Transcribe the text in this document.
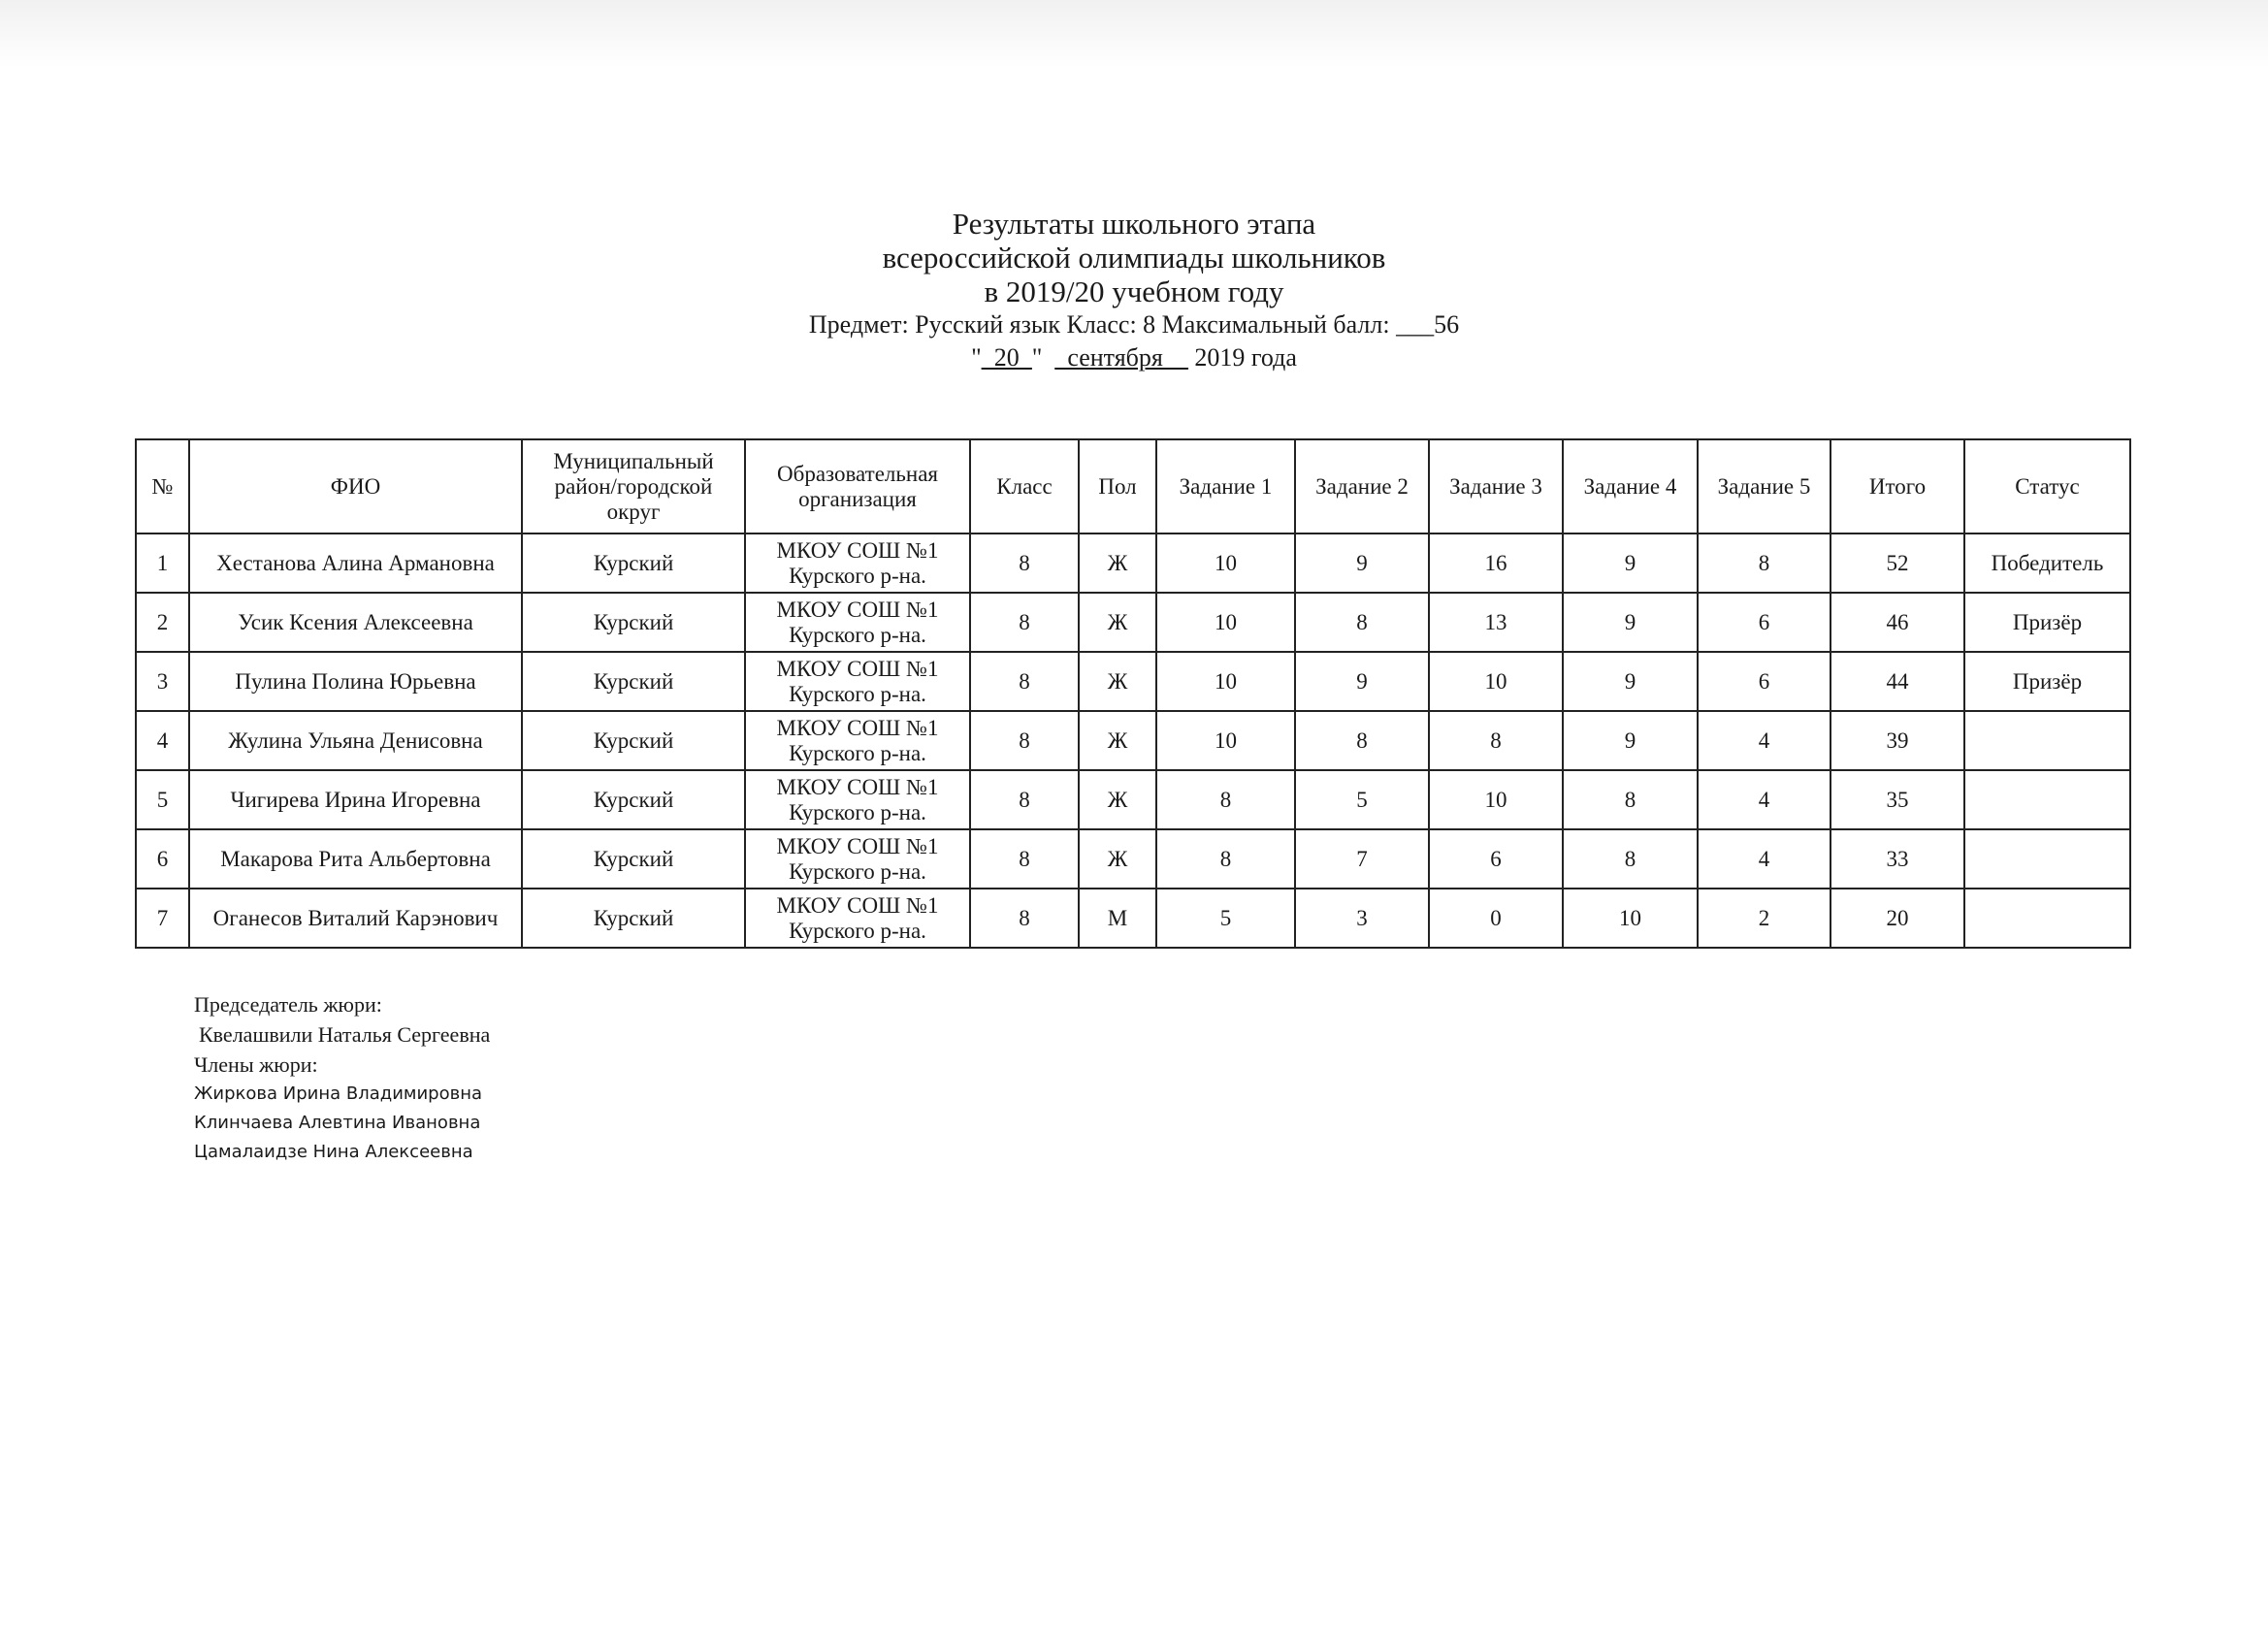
Результаты школьного этапа
всероссийской олимпиады школьников
в 2019/20 учебном году
Предмет: Русский язык Класс: 8 Максимальный балл: ___56
"_20_" _сентября__ 2019 года
№	ФИО	Муниципальный район/городской округ	Образовательная организация	Класс	Пол	Задание 1	Задание 2	Задание 3	Задание 4	Задание 5	Итого	Статус
1	Хестанова Алина Армановна	Курский	МКОУ СОШ №1 Курского р-на.	8	Ж	10	9	16	9	8	52	Победитель
2	Усик Ксения Алексеевна	Курский	МКОУ СОШ №1 Курского р-на.	8	Ж	10	8	13	9	6	46	Призёр
3	Пулина Полина Юрьевна	Курский	МКОУ СОШ №1 Курского р-на.	8	Ж	10	9	10	9	6	44	Призёр
4	Жулина Ульяна Денисовна	Курский	МКОУ СОШ №1 Курского р-на.	8	Ж	10	8	8	9	4	39	
5	Чигирева Ирина Игоревна	Курский	МКОУ СОШ №1 Курского р-на.	8	Ж	8	5	10	8	4	35	
6	Макарова Рита Альбертовна	Курский	МКОУ СОШ №1 Курского р-на.	8	Ж	8	7	6	8	4	33	
7	Оганесов Виталий Карэнович	Курский	МКОУ СОШ №1 Курского р-на.	8	М	5	3	0	10	2	20	
Председатель жюри:
Квелашвили Наталья Сергеевна
Члены жюри:
Жиркова Ирина Владимировна
Клинчаева Алевтина Ивановна
Цамалаидзе Нина Алексеевна
